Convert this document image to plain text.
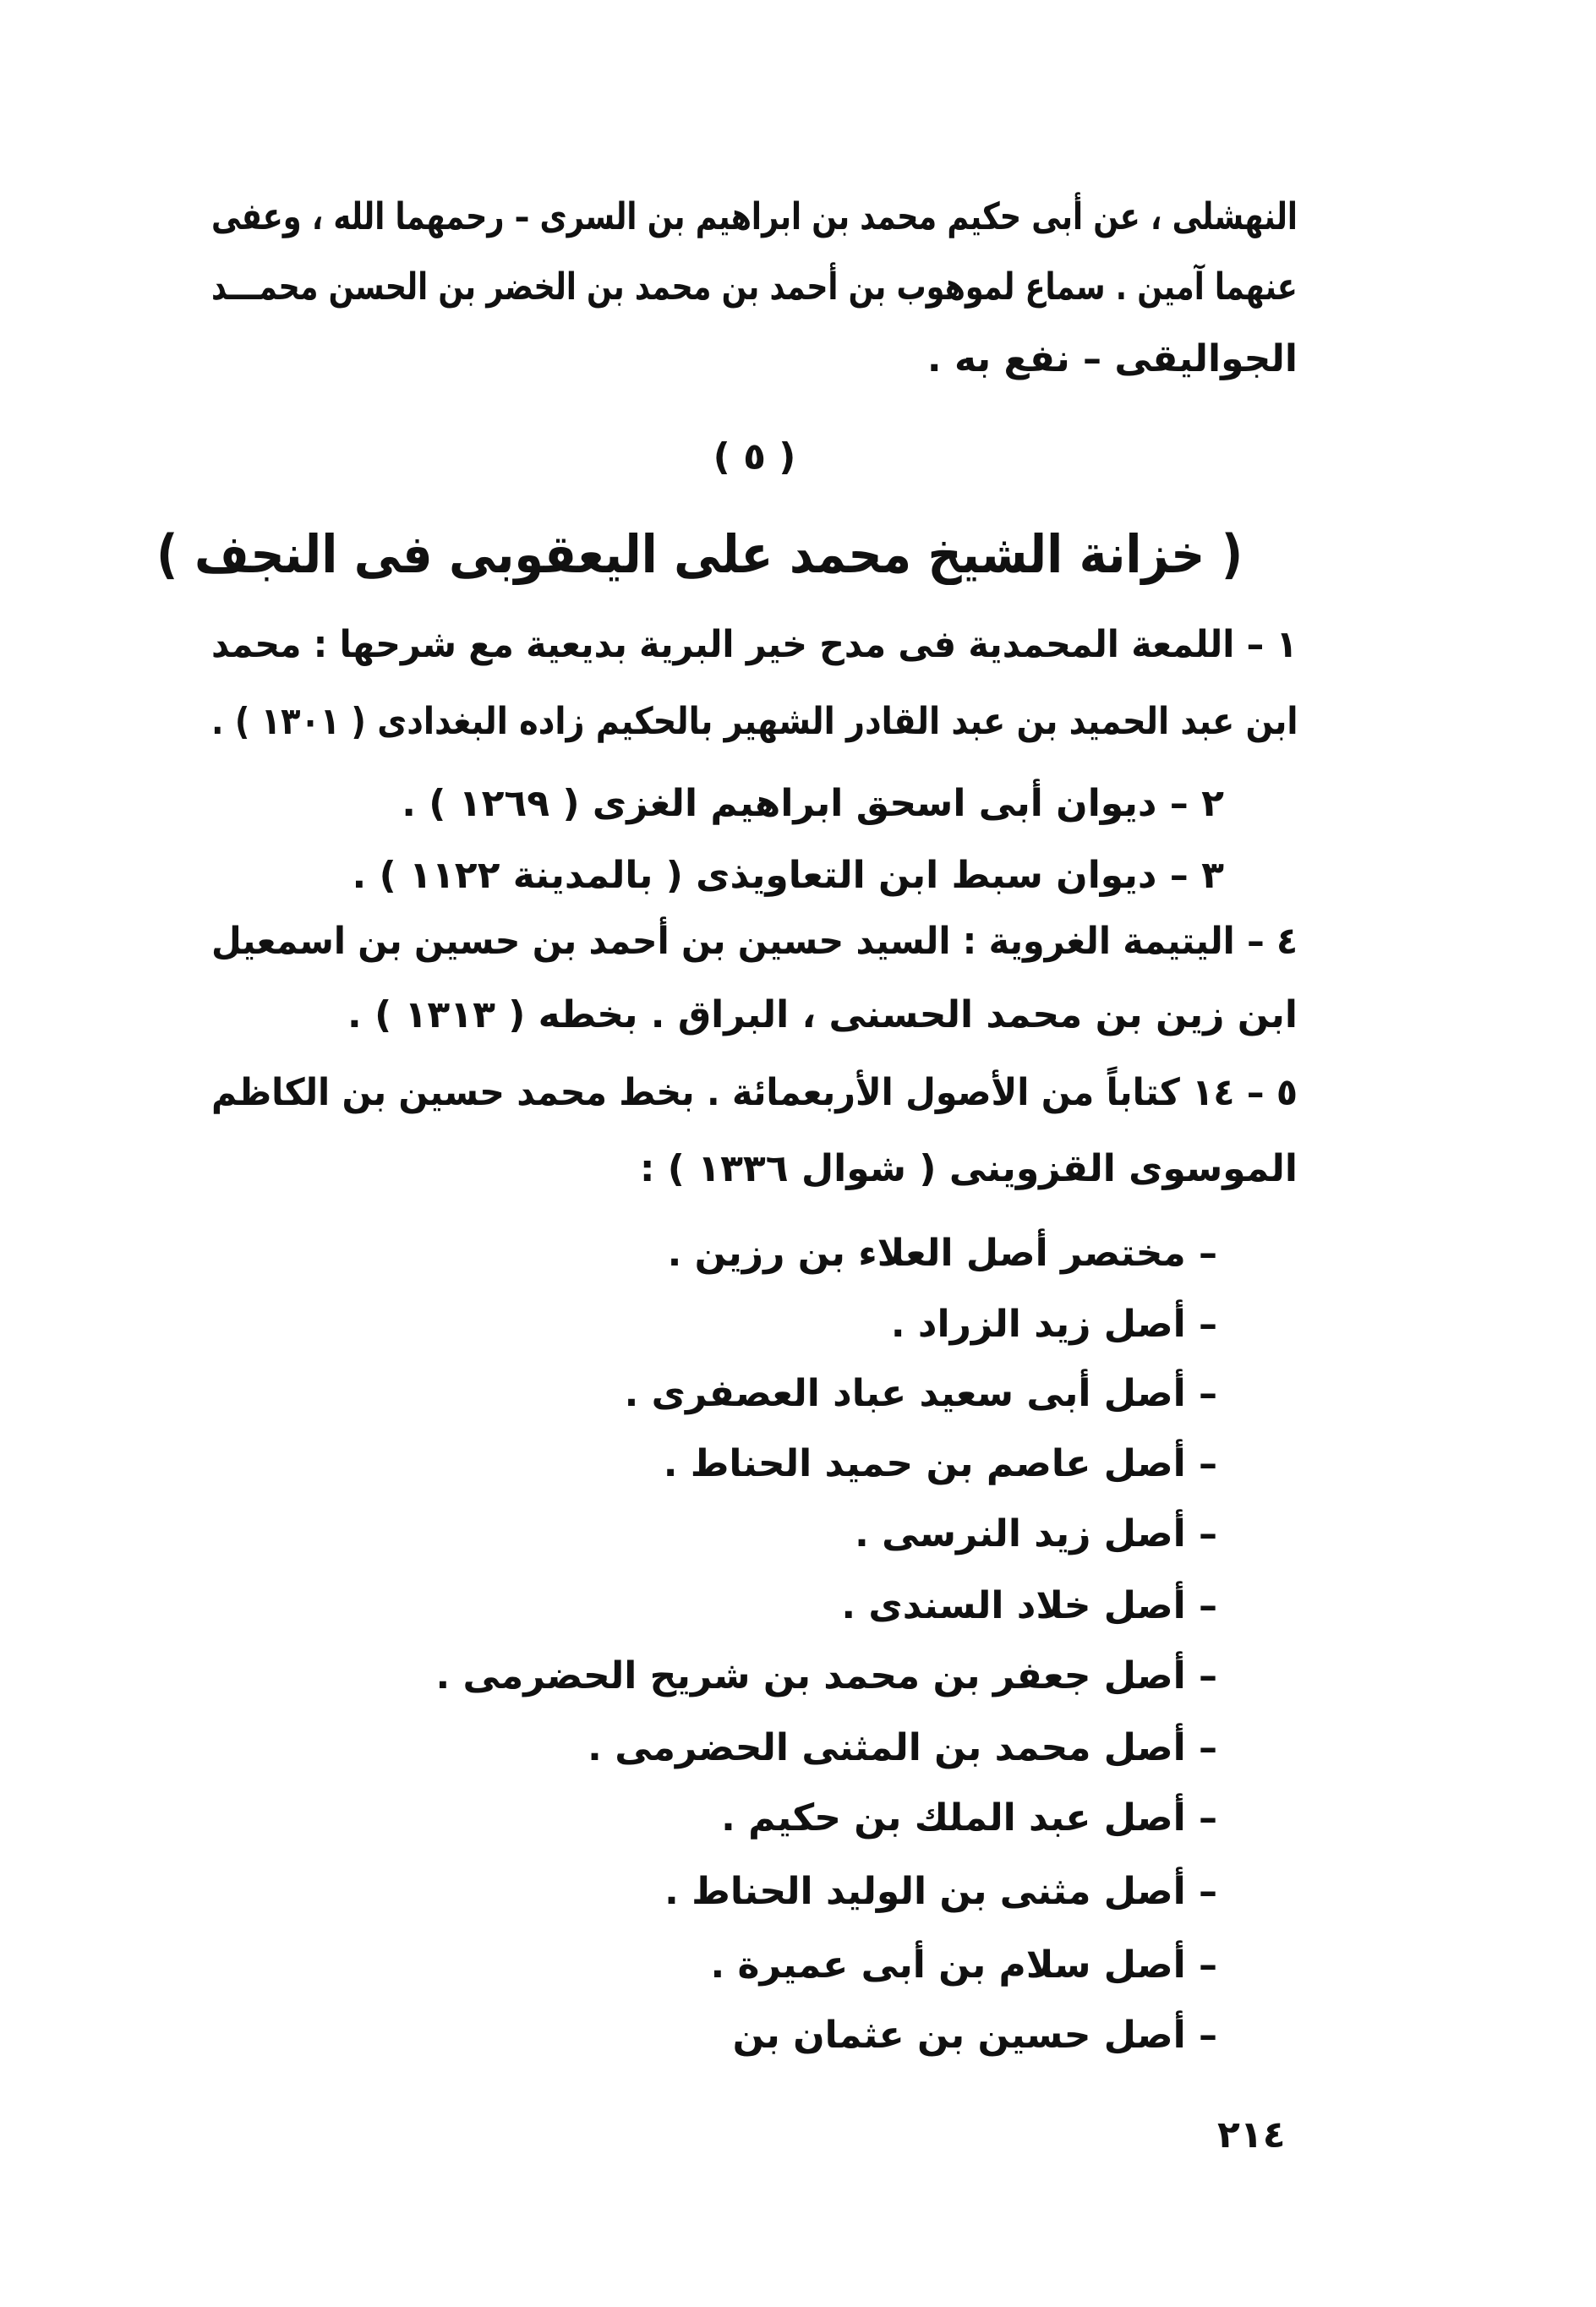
النهشلى ، عن أبى حكيم محمد بن ابراهيم بن السرى – رحمهما الله ، وعفى
عنهما آمين . سماع لموهوب بن أحمد بن محمد بن الخضر بن الحسن محمـــد
الجواليقى – نفع به .
( ٥ )
( خزانة الشيخ محمد على اليعقوبى فى النجف )
١ – اللمعة المحمدية فى مدح خير البرية بديعية مع شرحها : محمد
ابن عبد الحميد بن عبد القادر الشهير بالحكيم زاده البغدادى ( ١٣٠١ ) .
٢ – ديوان أبى اسحق ابراهيم الغزى ( ١٢٦٩ ) .
٣ – ديوان سبط ابن التعاويذى ( بالمدينة ١١٢٢ ) .
٤ – اليتيمة الغروية : السيد حسين بن أحمد بن حسين بن اسمعيل
ابن زين بن محمد الحسنى ، البراق . بخطه ( ١٣١٣ ) .
٥ – ١٤ كتاباً من الأصول الأربعمائة . بخط محمد حسين بن الكاظم
الموسوى القزوينى ( شوال ١٣٣٦ ) :
– مختصر أصل العلاء بن رزين .
– أصل زيد الزراد .
– أصل أبى سعيد عباد العصفرى .
– أصل عاصم بن حميد الحناط .
– أصل زيد النرسى .
– أصل خلاد السندى .
– أصل جعفر بن محمد بن شريح الحضرمى .
– أصل محمد بن المثنى الحضرمى .
– أصل عبد الملك بن حكيم .
– أصل مثنى بن الوليد الحناط .
– أصل سلام بن أبى عميرة .
– أصل حسين بن عثمان بن
٢١٤
